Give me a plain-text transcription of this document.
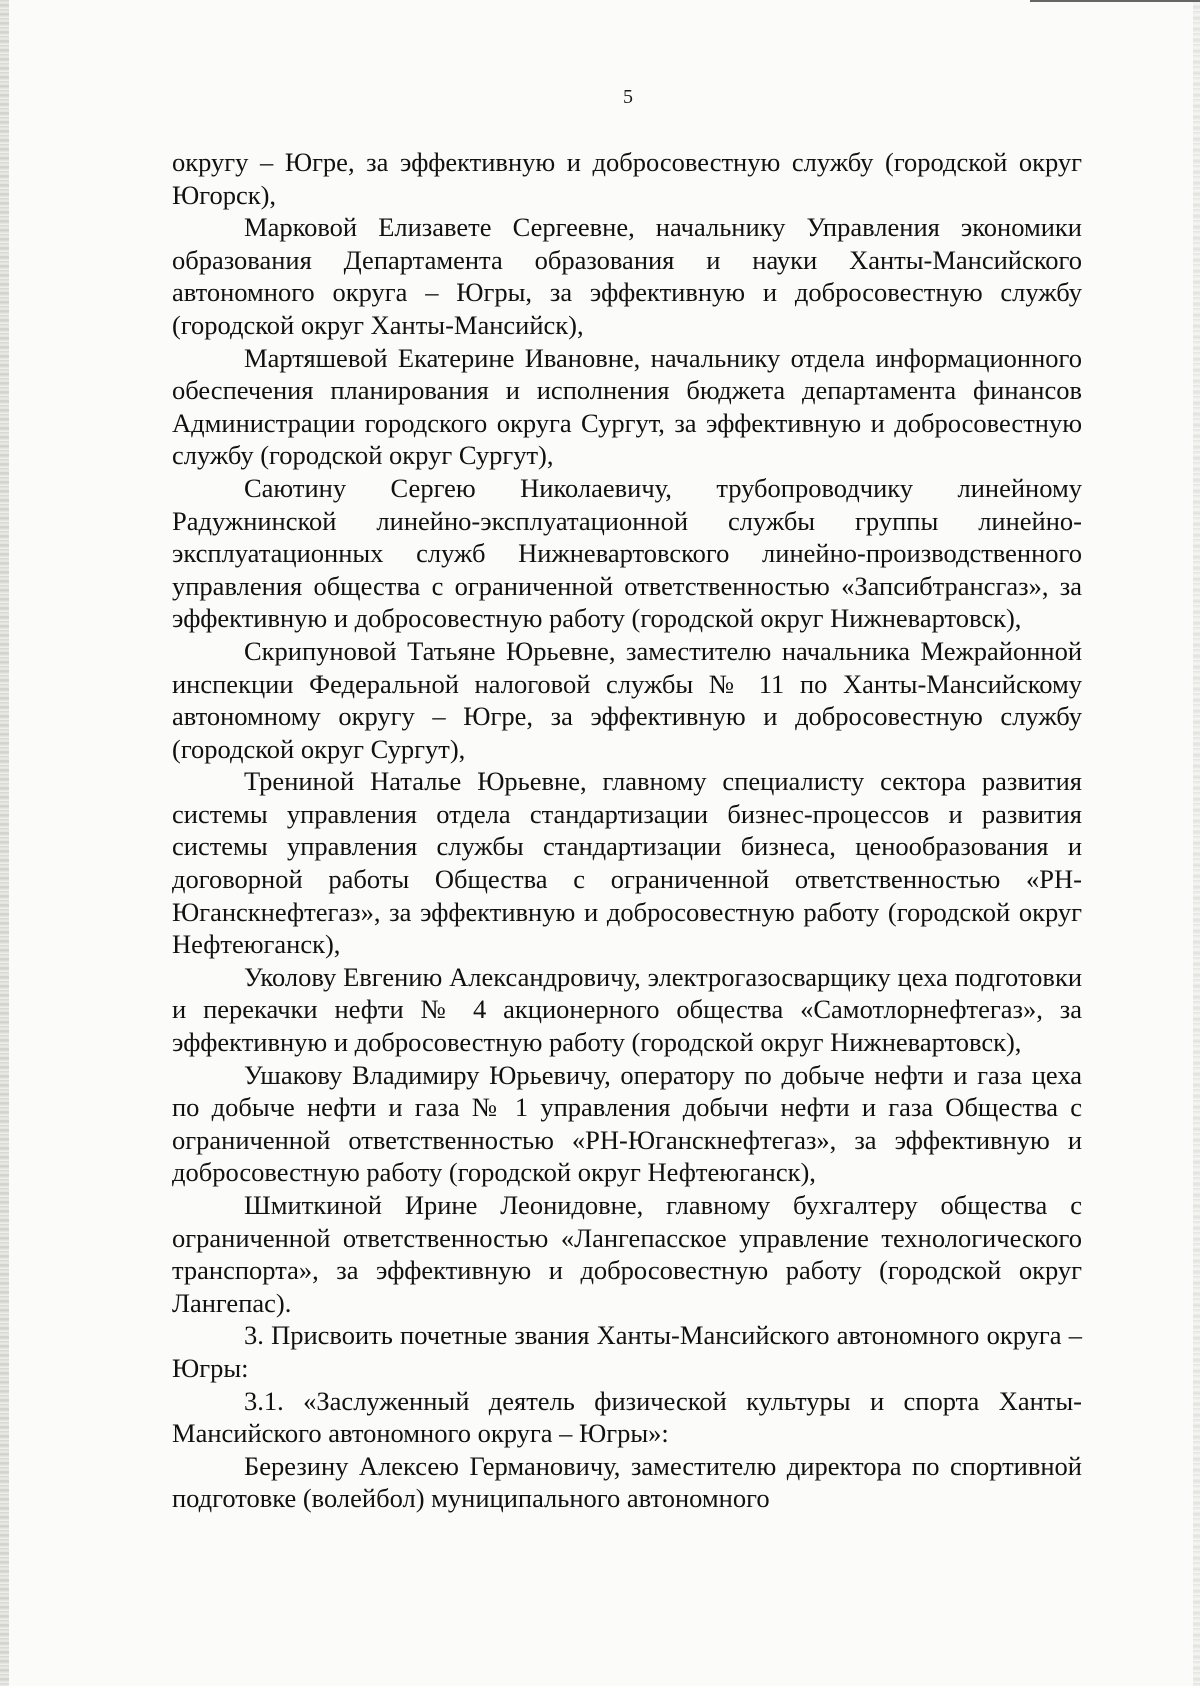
5

округу – Югре, за эффективную и добросовестную службу (городской округ Югорск),

Марковой Елизавете Сергеевне, начальнику Управления экономики образования Департамента образования и науки Ханты-Мансийского автономного округа – Югры, за эффективную и добросовестную службу (городской округ Ханты-Мансийск),

Мартяшевой Екатерине Ивановне, начальнику отдела информационного обеспечения планирования и исполнения бюджета департамента финансов Администрации городского округа Сургут, за эффективную и добросовестную службу (городской округ Сургут),

Саютину Сергею Николаевичу, трубопроводчику линейному Радужнинской линейно-эксплуатационной службы группы линейно-эксплуатационных служб Нижневартовского линейно-производственного управления общества с ограниченной ответственностью «Запсибтрансгаз», за эффективную и добросовестную работу (городской округ Нижневартовск),

Скрипуновой Татьяне Юрьевне, заместителю начальника Межрайонной инспекции Федеральной налоговой службы № 11 по Ханты-Мансийскому автономному округу – Югре, за эффективную и добросовестную службу (городской округ Сургут),

Трениной Наталье Юрьевне, главному специалисту сектора развития системы управления отдела стандартизации бизнес-процессов и развития системы управления службы стандартизации бизнеса, ценообразования и договорной работы Общества с ограниченной ответственностью «РН-Юганскнефтегаз», за эффективную и добросовестную работу (городской округ Нефтеюганск),

Уколову Евгению Александровичу, электрогазосварщику цеха подготовки и перекачки нефти № 4 акционерного общества «Самотлорнефтегаз», за эффективную и добросовестную работу (городской округ Нижневартовск),

Ушакову Владимиру Юрьевичу, оператору по добыче нефти и газа цеха по добыче нефти и газа № 1 управления добычи нефти и газа Общества с ограниченной ответственностью «РН-Юганскнефтегаз», за эффективную и добросовестную работу (городской округ Нефтеюганск),

Шмиткиной Ирине Леонидовне, главному бухгалтеру общества с ограниченной ответственностью «Лангепасское управление технологического транспорта», за эффективную и добросовестную работу (городской округ Лангепас).

3. Присвоить почетные звания Ханты-Мансийского автономного округа – Югры:

3.1. «Заслуженный деятель физической культуры и спорта Ханты-Мансийского автономного округа – Югры»:

Березину Алексею Германовичу, заместителю директора по спортивной подготовке (волейбол) муниципального автономного
